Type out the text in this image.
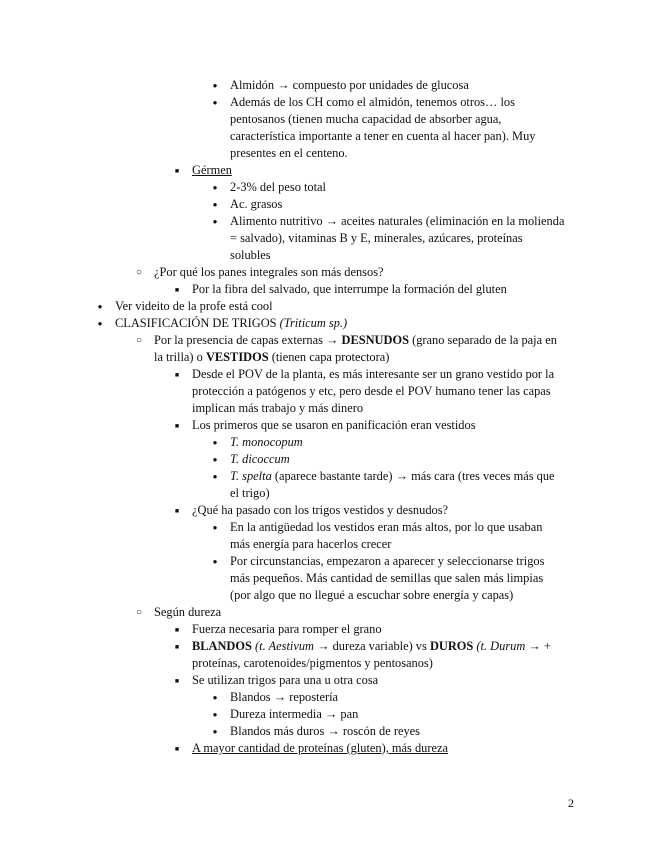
●
Almidón → compuesto por unidades de glucosa
●
Además de los CH como el almidón, tenemos otros… los
pentosanos (tienen mucha capacidad de absorber agua,
característica importante a tener en cuenta al hacer pan). Muy
presentes en el centeno.
■
Gérmen
●
2-3% del peso total
●
Ac. grasos
●
Alimento nutritivo → aceites naturales (eliminación en la molienda
= salvado), vitaminas B y E, minerales, azúcares, proteínas
solubles
○
¿Por qué los panes integrales son más densos?
■
Por la fibra del salvado, que interrumpe la formación del gluten
●
Ver videito de la profe está cool
●
CLASIFICACIÓN DE TRIGOS (Triticum sp.)
○
Por la presencia de capas externas → DESNUDOS (grano separado de la paja en
la trilla) o VESTIDOS (tienen capa protectora)
■
Desde el POV de la planta, es más interesante ser un grano vestido por la
protección a patógenos y etc, pero desde el POV humano tener las capas
implican más trabajo y más dinero
■
Los primeros que se usaron en panificación eran vestidos
●
T. monocopum
●
T. dicoccum
●
T. spelta (aparece bastante tarde) → más cara (tres veces más que
el trigo)
■
¿Qué ha pasado con los trigos vestidos y desnudos?
●
En la antigüedad los vestidos eran más altos, por lo que usaban
más energía para hacerlos crecer
●
Por circunstancias, empezaron a aparecer y seleccionarse trigos
más pequeños. Más cantidad de semillas que salen más limpias
(por algo que no llegué a escuchar sobre energía y capas)
○
Según dureza
■
Fuerza necesaria para romper el grano
■
BLANDOS (t. Aestivum → dureza variable) vs DUROS (t. Durum → +
proteínas, carotenoides/pigmentos y pentosanos)
■
Se utilizan trigos para una u otra cosa
●
Blandos → repostería
●
Dureza intermedia → pan
●
Blandos más duros → roscón de reyes
■
A mayor cantidad de proteínas (gluten), más dureza
2
